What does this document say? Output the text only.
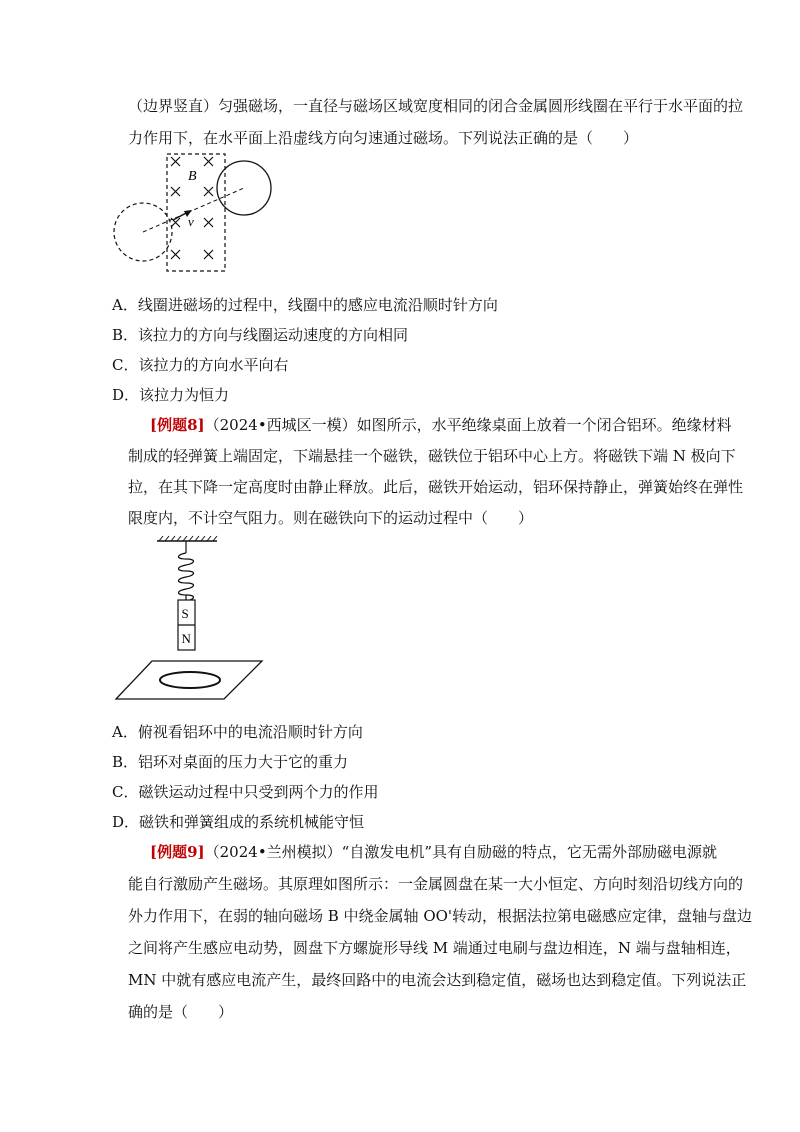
（边界竖直）匀强磁场，一直径与磁场区域宽度相同的闭合金属圆形线圈在平行于水平面的拉
力作用下，在水平面上沿虚线方向匀速通过磁场。下列说法正确的是（　　）
B
v
A．线圈进磁场的过程中，线圈中的感应电流沿顺时针方向
B．该拉力的方向与线圈运动速度的方向相同
C．该拉力的方向水平向右
D．该拉力为恒力
[例题8]（2024•西城区一模）如图所示，水平绝缘桌面上放着一个闭合铝环。绝缘材料
制成的轻弹簧上端固定，下端悬挂一个磁铁，磁铁位于铝环中心上方。将磁铁下端 N 极向下
拉，在其下降一定高度时由静止释放。此后，磁铁开始运动，铝环保持静止，弹簧始终在弹性
限度内，不计空气阻力。则在磁铁向下的运动过程中（　　）
S
N
A．俯视看铝环中的电流沿顺时针方向
B．铝环对桌面的压力大于它的重力
C．磁铁运动过程中只受到两个力的作用
D．磁铁和弹簧组成的系统机械能守恒
[例题9]（2024•兰州模拟）“自激发电机”具有自励磁的特点，它无需外部励磁电源就
能自行激励产生磁场。其原理如图所示：一金属圆盘在某一大小恒定、方向时刻沿切线方向的
外力作用下，在弱的轴向磁场 B 中绕金属轴 OO'转动，根据法拉第电磁感应定律，盘轴与盘边
之间将产生感应电动势，圆盘下方螺旋形导线 M 端通过电刷与盘边相连，N 端与盘轴相连，
MN 中就有感应电流产生，最终回路中的电流会达到稳定值，磁场也达到稳定值。下列说法正
确的是（　　）
